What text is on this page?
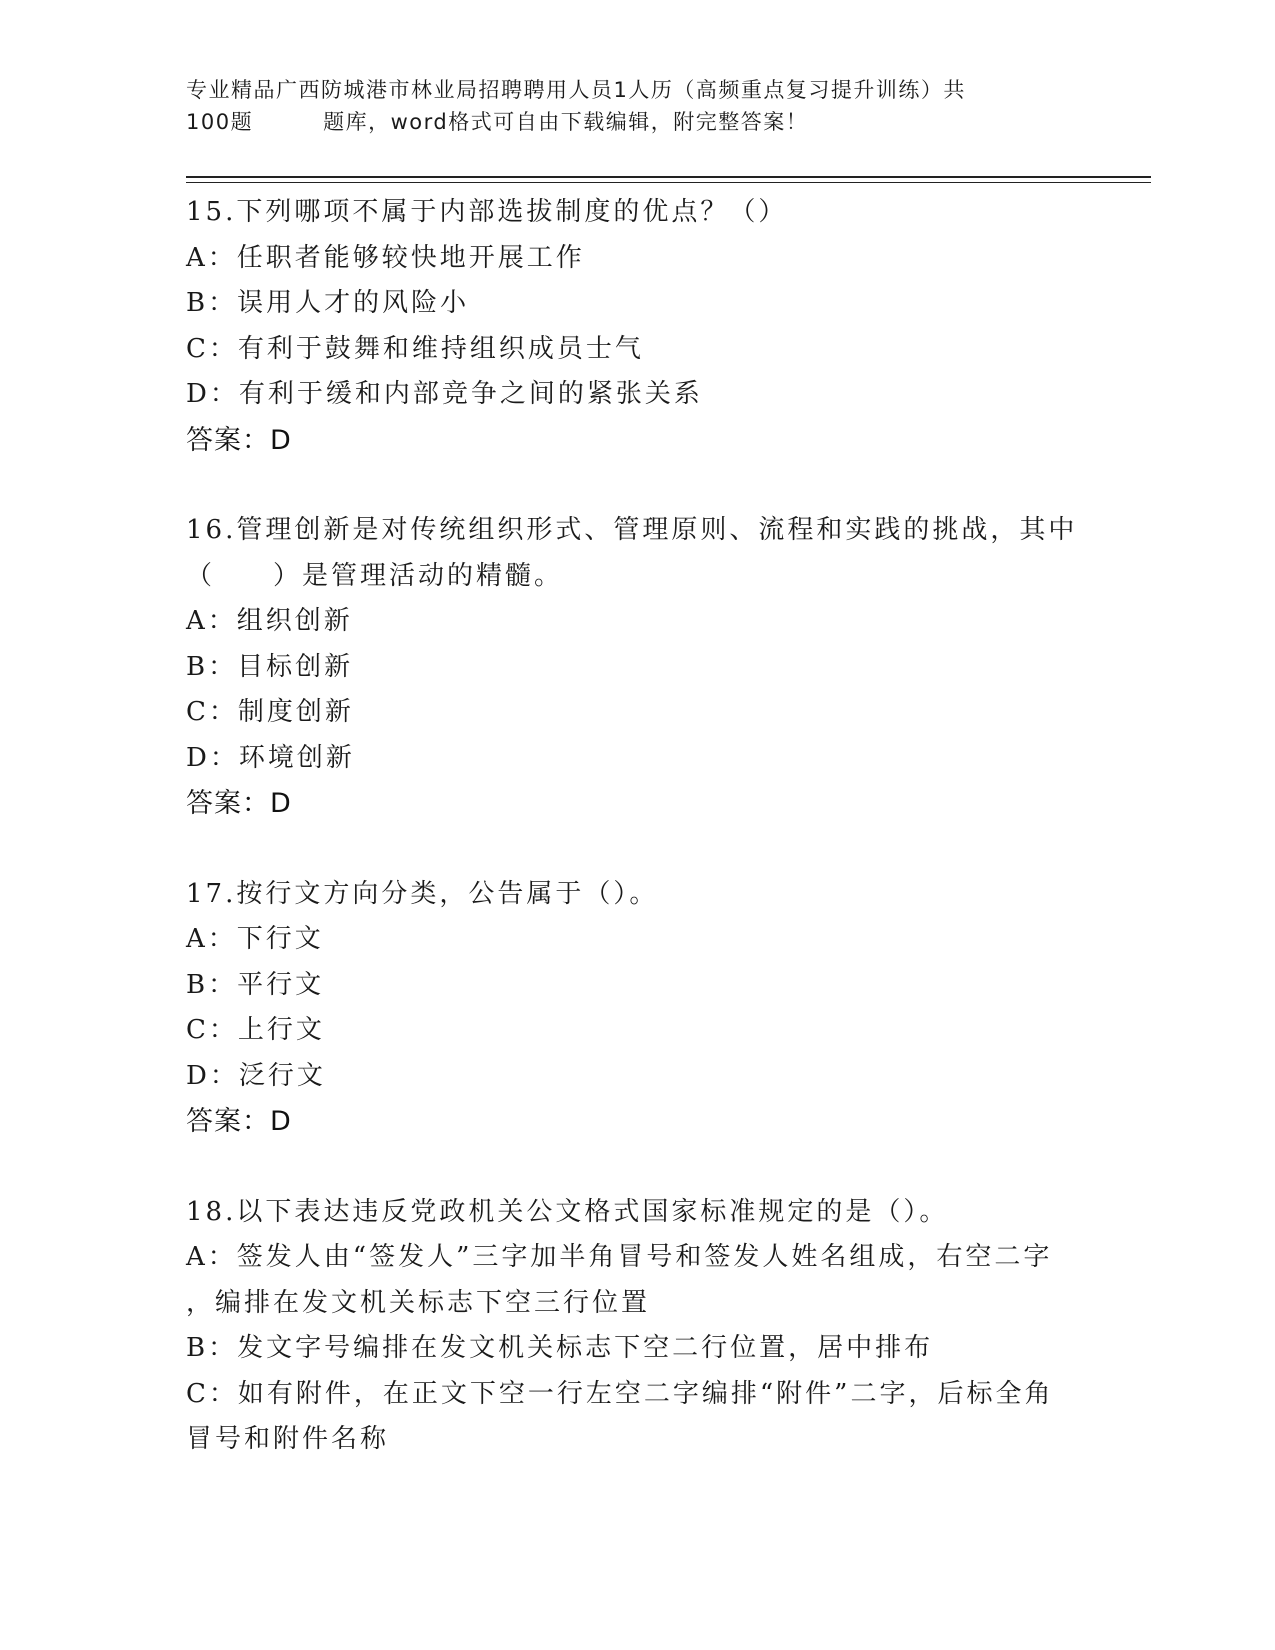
专业精品广西防城港市林业局招聘聘用人员1人历（高频重点复习提升训练）共
100题	题库，word格式可自由下载编辑，附完整答案！
15.下列哪项不属于内部选拔制度的优点？（）
A：任职者能够较快地开展工作
B：误用人才的风险小
C：有利于鼓舞和维持组织成员士气
D：有利于缓和内部竞争之间的紧张关系
答案：D
16.管理创新是对传统组织形式、管理原则、流程和实践的挑战，其中
（　　）是管理活动的精髓。
A：组织创新
B：目标创新
C：制度创新
D：环境创新
答案：D
17.按行文方向分类，公告属于（）。
A：下行文
B：平行文
C：上行文
D：泛行文
答案：D
18.以下表达违反党政机关公文格式国家标准规定的是（）。
A：签发人由“签发人”三字加半角冒号和签发人姓名组成，右空二字
，编排在发文机关标志下空三行位置
B：发文字号编排在发文机关标志下空二行位置，居中排布
C：如有附件，在正文下空一行左空二字编排“附件”二字，后标全角
冒号和附件名称
